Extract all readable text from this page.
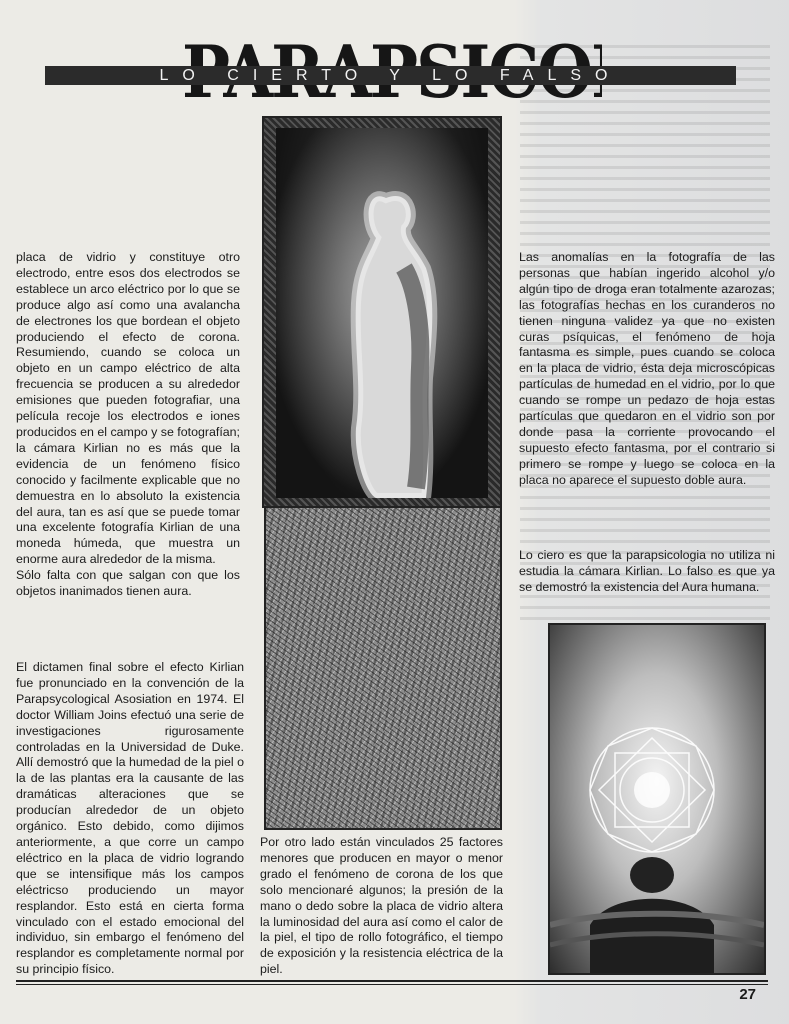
LO CIERTO Y LO FALSO

placa de vidrio y constituye otro electrodo, entre esos dos electrodos se establece un arco eléctrico por lo que se produce algo así como una avalancha de electrones los que bordean el objeto produciendo el efecto de corona. Resumiendo, cuando se coloca un objeto en un campo eléctrico de alta frecuencia se producen a su alrededor emisiones que pueden fotografiar, una película recoje los electrodos e iones producidos en el campo y se fotografían; la cámara Kirlian no es más que la evidencia de un fenómeno físico conocido y facilmente explicable que no demuestra en lo absoluto la existencia del aura, tan es así que se puede tomar una excelente fotografía Kirlian de una moneda húmeda, que muestra un enorme aura alrededor de la misma.

Sólo falta con que salgan con que los objetos inanimados tienen aura.

El dictamen final sobre el efecto Kirlian fue pronunciado en la convención de la Parapsycological Asosiation en 1974. El doctor William Joins efectuó una serie de investigaciones rigurosamente controladas en la Universidad de Duke. Allí demostró que la humedad de la piel o la de las plantas era la causante de las dramáticas alteraciones que se producían alrededor de un objeto orgánico. Esto debido, como dijimos anteriormente, a que corre un campo eléctrico en la placa de vidrio logrando que se intensifique más los campos eléctricso produciendo un mayor resplandor. Esto está en cierta forma vinculado con el estado emocional del individuo, sin embargo el fenómeno del resplandor es completamente normal por su principio físico.

Por otro lado están vinculados 25 factores menores que producen en mayor o menor grado el fenómeno de corona de los que solo mencionaré algunos; la presión de la mano o dedo sobre la placa de vidrio altera la luminosidad del aura así como el calor de la piel, el tipo de rollo fotográfico, el tiempo de exposición y la resistencia eléctrica de la piel.

Las anomalías en la fotografía de las personas que habían ingerido alcohol y/o algún tipo de droga eran totalmente azarozas; las fotografías hechas en los curanderos no tienen ninguna validez ya que no existen curas psíquicas, el fenómeno de hoja fantasma es simple, pues cuando se coloca en la placa de vidrio, ésta deja microscópicas partículas de humedad en el vidrio, por lo que cuando se rompe un pedazo de hoja estas partículas que quedaron en el vidrio son por donde pasa la corriente provocando el supuesto efecto fantasma, por el contrario si primero se rompe y luego se coloca en la placa no aparece el supuesto doble aura.

Lo ciero es que la parapsicologia no utiliza ni estudia la cámara Kirlian. Lo falso es que ya se demostró la existencia del Aura humana.

27
